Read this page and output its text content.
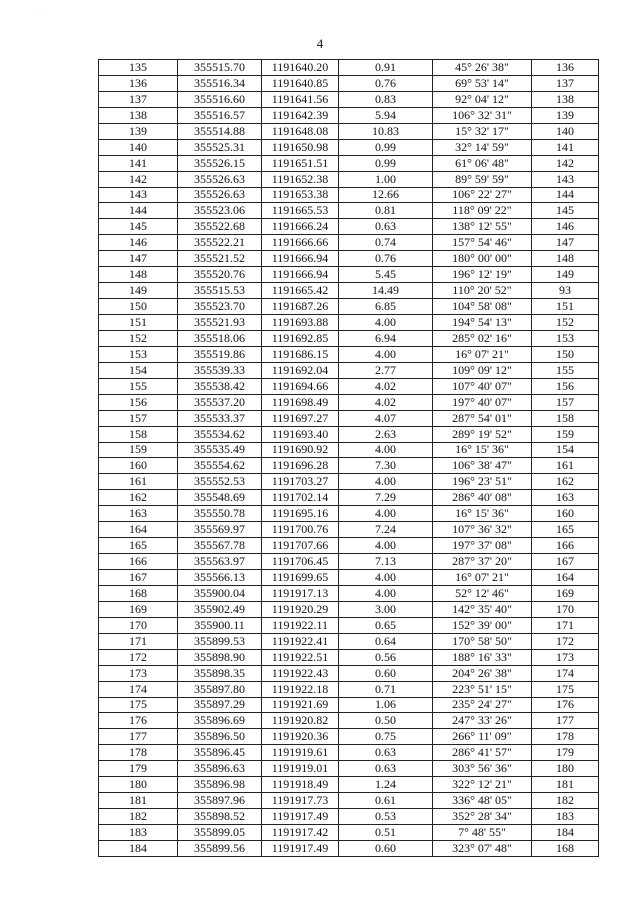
· ·
4
135	355515.70	1191640.20	0.91	45° 26' 38"	136
136	355516.34	1191640.85	0.76	69° 53' 14"	137
137	355516.60	1191641.56	0.83	92° 04' 12"	138
138	355516.57	1191642.39	5.94	106° 32' 31"	139
139	355514.88	1191648.08	10.83	15° 32' 17"	140
140	355525.31	1191650.98	0.99	32° 14' 59"	141
141	355526.15	1191651.51	0.99	61° 06' 48"	142
142	355526.63	1191652.38	1.00	89° 59' 59"	143
143	355526.63	1191653.38	12.66	106° 22' 27"	144
144	355523.06	1191665.53	0.81	118° 09' 22"	145
145	355522.68	1191666.24	0.63	138° 12' 55"	146
146	355522.21	1191666.66	0.74	157° 54' 46"	147
147	355521.52	1191666.94	0.76	180° 00' 00"	148
148	355520.76	1191666.94	5.45	196° 12' 19"	149
149	355515.53	1191665.42	14.49	110° 20' 52"	93
150	355523.70	1191687.26	6.85	104° 58' 08"	151
151	355521.93	1191693.88	4.00	194° 54' 13"	152
152	355518.06	1191692.85	6.94	285° 02' 16"	153
153	355519.86	1191686.15	4.00	16° 07' 21"	150
154	355539.33	1191692.04	2.77	109° 09' 12"	155
155	355538.42	1191694.66	4.02	107° 40' 07"	156
156	355537.20	1191698.49	4.02	197° 40' 07"	157
157	355533.37	1191697.27	4.07	287° 54' 01"	158
158	355534.62	1191693.40	2.63	289° 19' 52"	159
159	355535.49	1191690.92	4.00	16° 15' 36"	154
160	355554.62	1191696.28	7.30	106° 38' 47"	161
161	355552.53	1191703.27	4.00	196° 23' 51"	162
162	355548.69	1191702.14	7.29	286° 40' 08"	163
163	355550.78	1191695.16	4.00	16° 15' 36"	160
164	355569.97	1191700.76	7.24	107° 36' 32"	165
165	355567.78	1191707.66	4.00	197° 37' 08"	166
166	355563.97	1191706.45	7.13	287° 37' 20"	167
167	355566.13	1191699.65	4.00	16° 07' 21"	164
168	355900.04	1191917.13	4.00	52° 12' 46"	169
169	355902.49	1191920.29	3.00	142° 35' 40"	170
170	355900.11	1191922.11	0.65	152° 39' 00"	171
171	355899.53	1191922.41	0.64	170° 58' 50"	172
172	355898.90	1191922.51	0.56	188° 16' 33"	173
173	355898.35	1191922.43	0.60	204° 26' 38"	174
174	355897.80	1191922.18	0.71	223° 51' 15"	175
175	355897.29	1191921.69	1.06	235° 24' 27"	176
176	355896.69	1191920.82	0.50	247° 33' 26"	177
177	355896.50	1191920.36	0.75	266° 11' 09"	178
178	355896.45	1191919.61	0.63	286° 41' 57"	179
179	355896.63	1191919.01	0.63	303° 56' 36"	180
180	355896.98	1191918.49	1.24	322° 12' 21"	181
181	355897.96	1191917.73	0.61	336° 48' 05"	182
182	355898.52	1191917.49	0.53	352° 28' 34"	183
183	355899.05	1191917.42	0.51	7° 48' 55"	184
184	355899.56	1191917.49	0.60	323° 07' 48"	168
